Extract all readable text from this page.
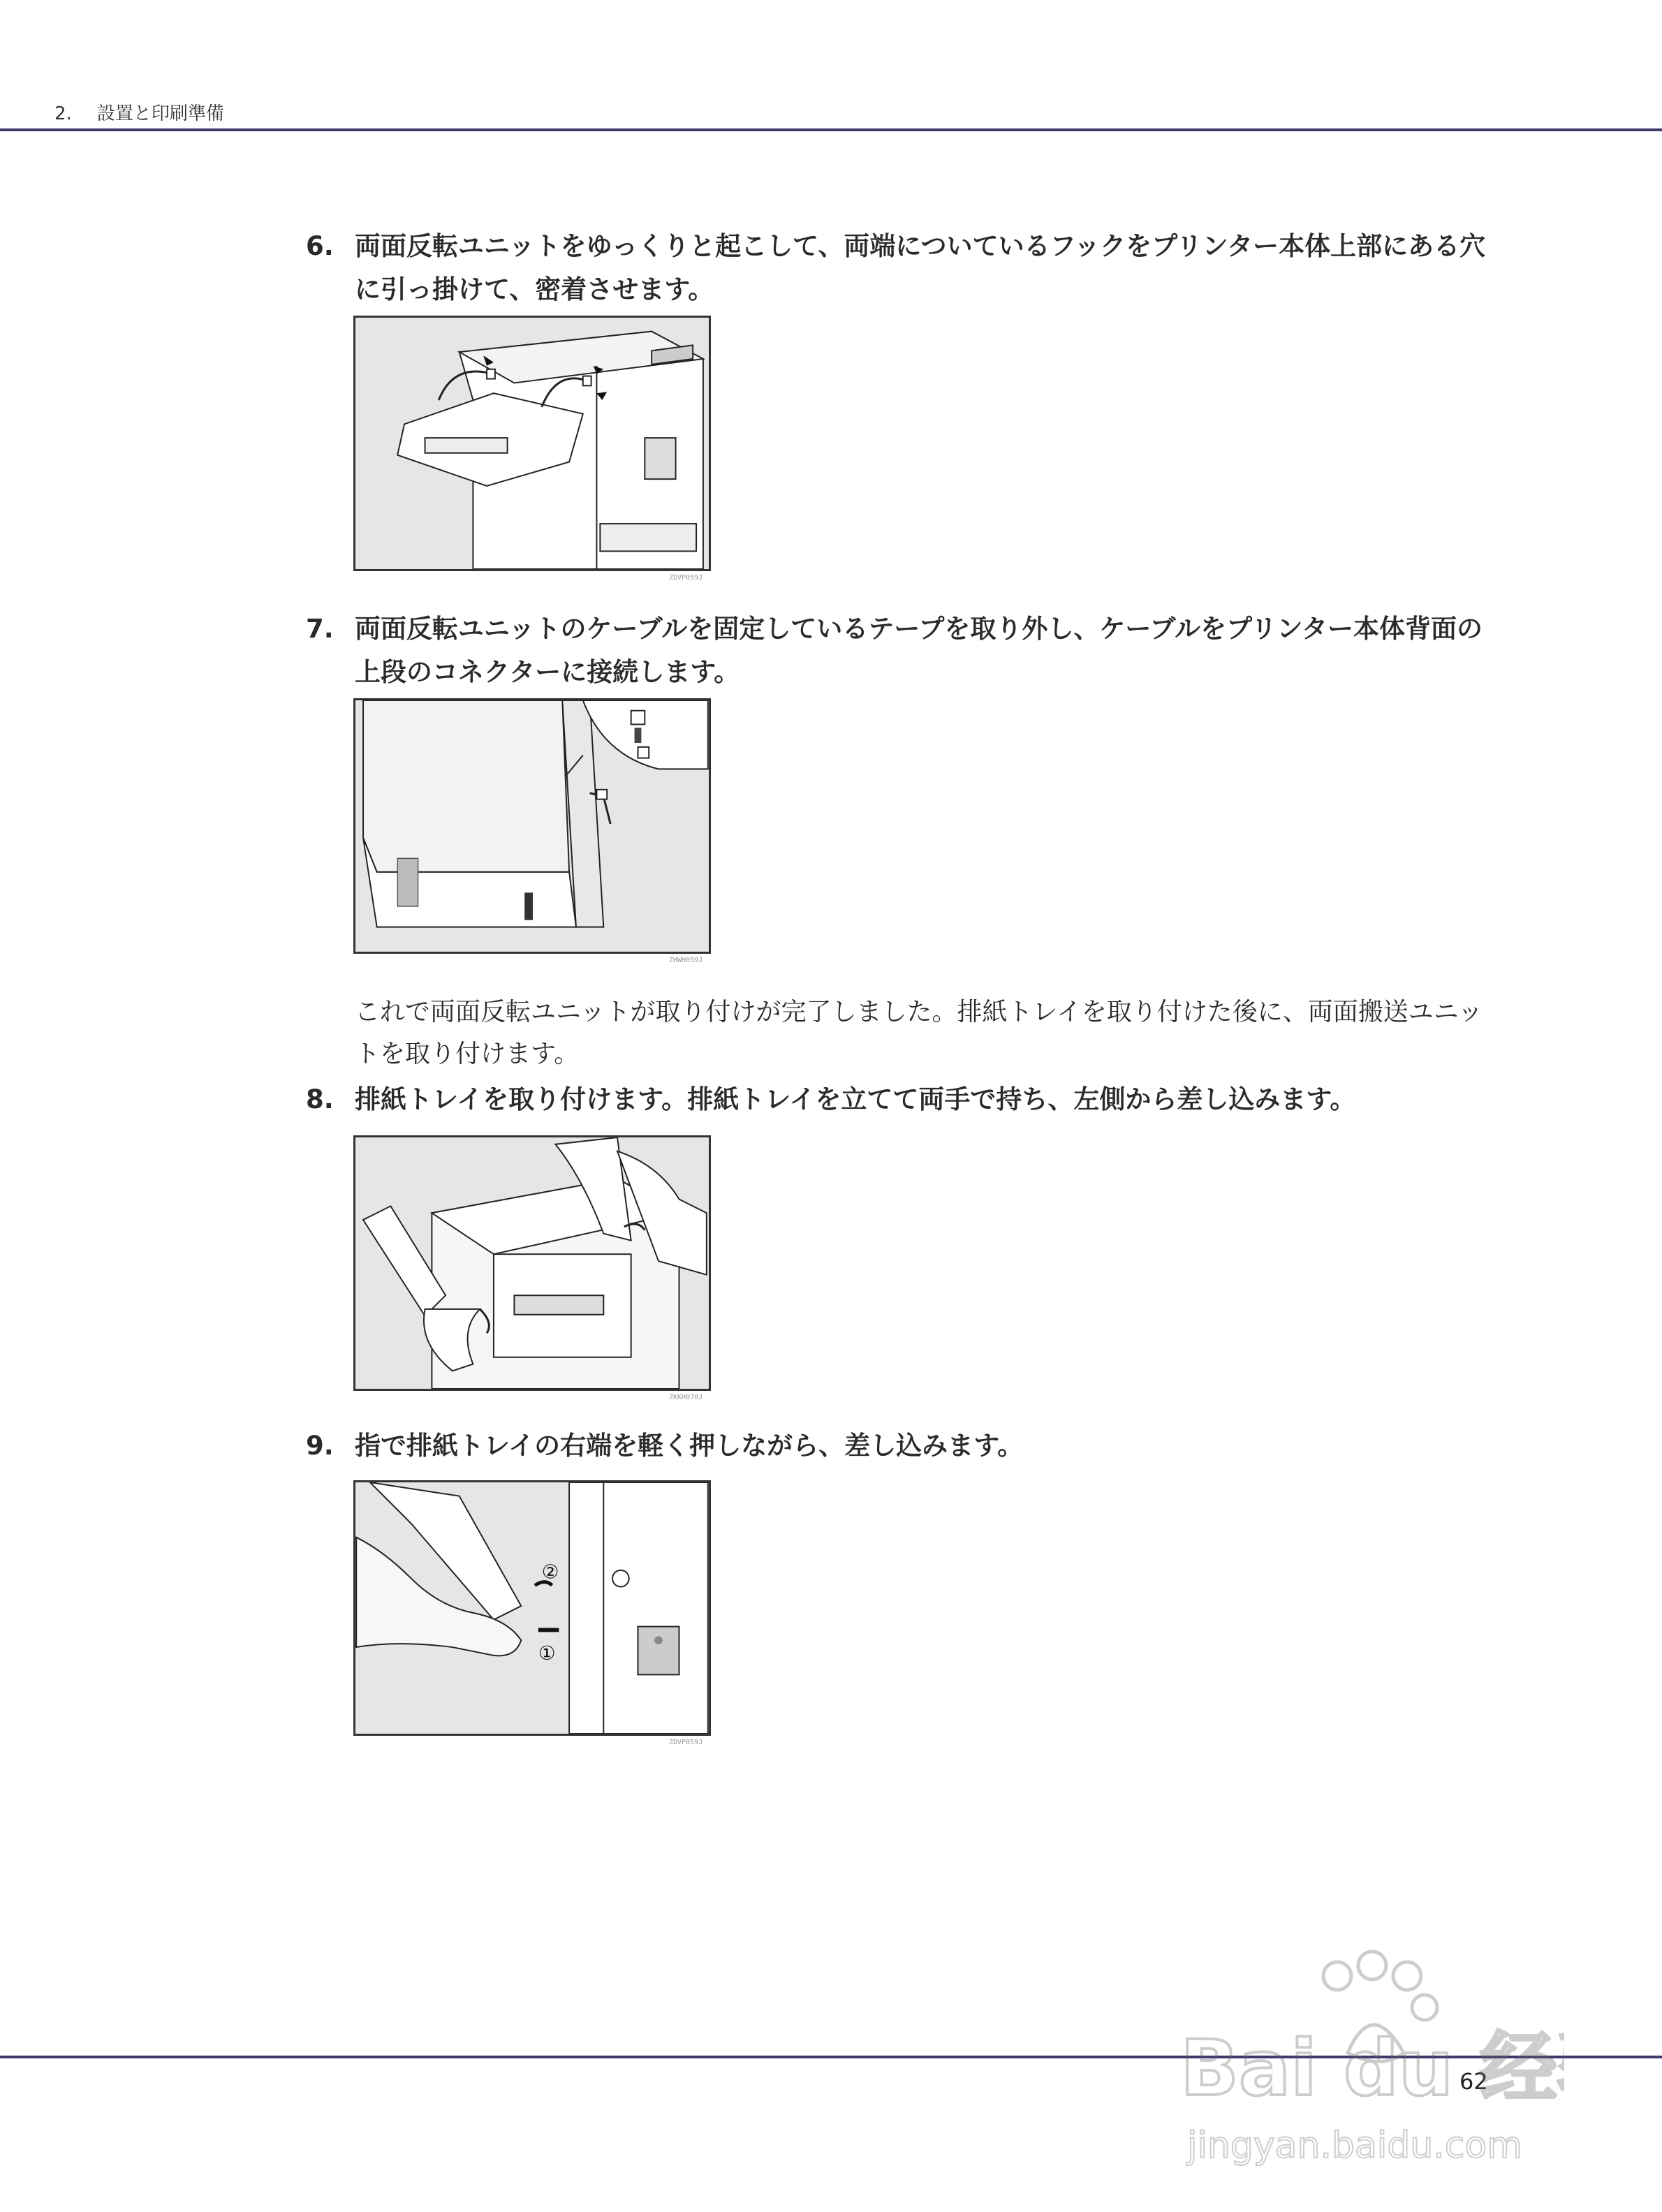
2. 設置と印刷準備
6. 両面反転ユニットをゆっくりと起こして、両端についているフックをプリンター本体上部にある穴に引っ掛けて、密着させます。
ZDVP059J
7. 両面反転ユニットのケーブルを固定しているテープを取り外し、ケーブルをプリンター本体背面の上段のコネクターに接続します。
ZHWH059J
これで両面反転ユニットが取り付けが完了しました。排紙トレイを取り付けた後に、両面搬送ユニットを取り付けます。
8. 排紙トレイを取り付けます。排紙トレイを立てて両手で持ち、左側から差し込みます。
ZKKH070J
9. 指で排紙トレイの右端を軽く押しながら、差し込みます。
②
①
ZDVP059J
62
Bai du 经
jingyan.baidu.com
